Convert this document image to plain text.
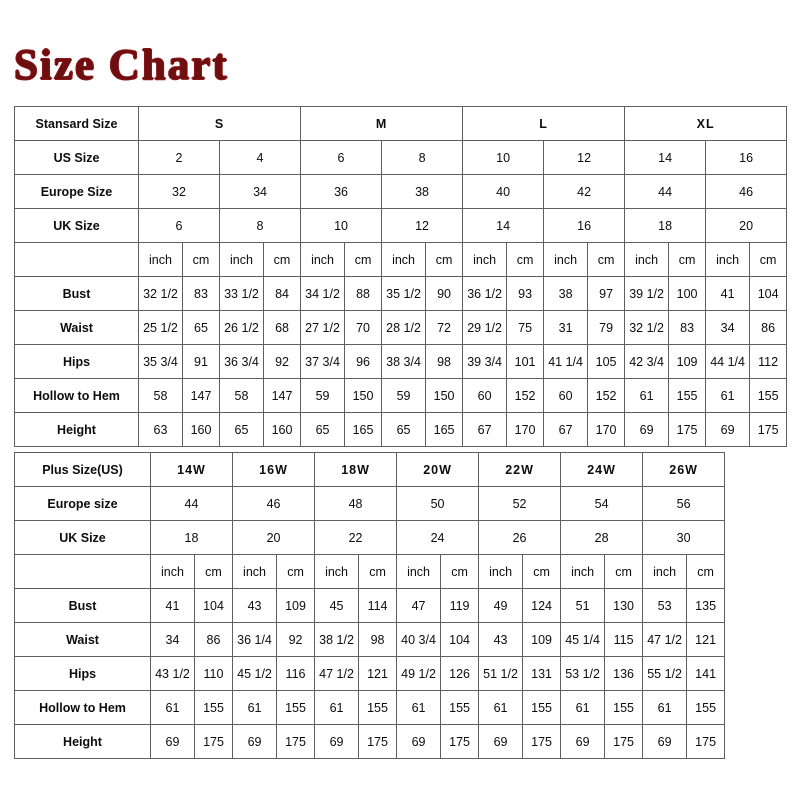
Size Chart
Stansard Size	S				M				L				XL			
US Size	2		4		6		8		10		12		14		16	
Europe Size	32		34		36		38		40		42		44		46	
UK Size	6		8		10		12		14		16		18		20	
	inch	cm	inch	cm	inch	cm	inch	cm	inch	cm	inch	cm	inch	cm	inch	cm
Bust	32 1/2	83	33 1/2	84	34 1/2	88	35 1/2	90	36 1/2	93	38	97	39 1/2	100	41	104
Waist	25 1/2	65	26 1/2	68	27 1/2	70	28 1/2	72	29 1/2	75	31	79	32 1/2	83	34	86
Hips	35 3/4	91	36 3/4	92	37 3/4	96	38 3/4	98	39 3/4	101	41 1/4	105	42 3/4	109	44 1/4	112
Hollow to Hem	58	147	58	147	59	150	59	150	60	152	60	152	61	155	61	155
Height	63	160	65	160	65	165	65	165	67	170	67	170	69	175	69	175
Plus Size(US)	14W		16W		18W		20W		22W		24W		26W	
Europe size	44		46		48		50		52		54		56	
UK Size	18		20		22		24		26		28		30	
	inch	cm	inch	cm	inch	cm	inch	cm	inch	cm	inch	cm	inch	cm
Bust	41	104	43	109	45	114	47	119	49	124	51	130	53	135
Waist	34	86	36 1/4	92	38 1/2	98	40 3/4	104	43	109	45 1/4	115	47 1/2	121
Hips	43 1/2	110	45 1/2	116	47 1/2	121	49 1/2	126	51 1/2	131	53 1/2	136	55 1/2	141
Hollow to Hem	61	155	61	155	61	155	61	155	61	155	61	155	61	155
Height	69	175	69	175	69	175	69	175	69	175	69	175	69	175
